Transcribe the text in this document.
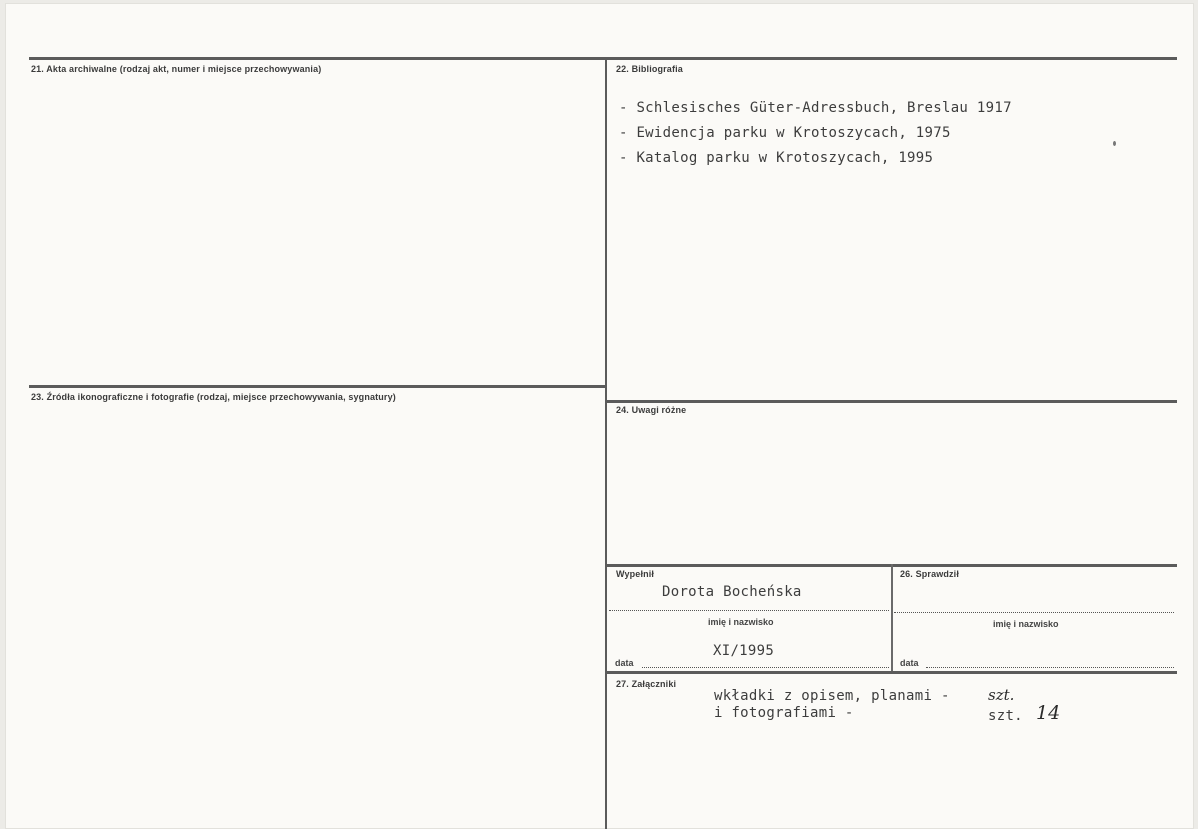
21. Akta archiwalne (rodzaj akt, numer i miejsce przechowywania)	22. Bibliografia
- Schlesisches Güter-Adressbuch, Breslau 1917
- Ewidencja parku w Krotoszycach, 1975
- Katalog parku w Krotoszycach, 1995
23. Źródła ikonograficzne i fotografie (rodzaj, miejsce przechowywania, sygnatury)
24. Uwagi różne
Wypełnił
Dorota Bocheńska
imię i nazwisko
XI/1995
data
26. Sprawdził
imię i nazwisko
data
27. Załączniki
wkładki z opisem, planami -
i fotografiami -
szt.
szt. 14
